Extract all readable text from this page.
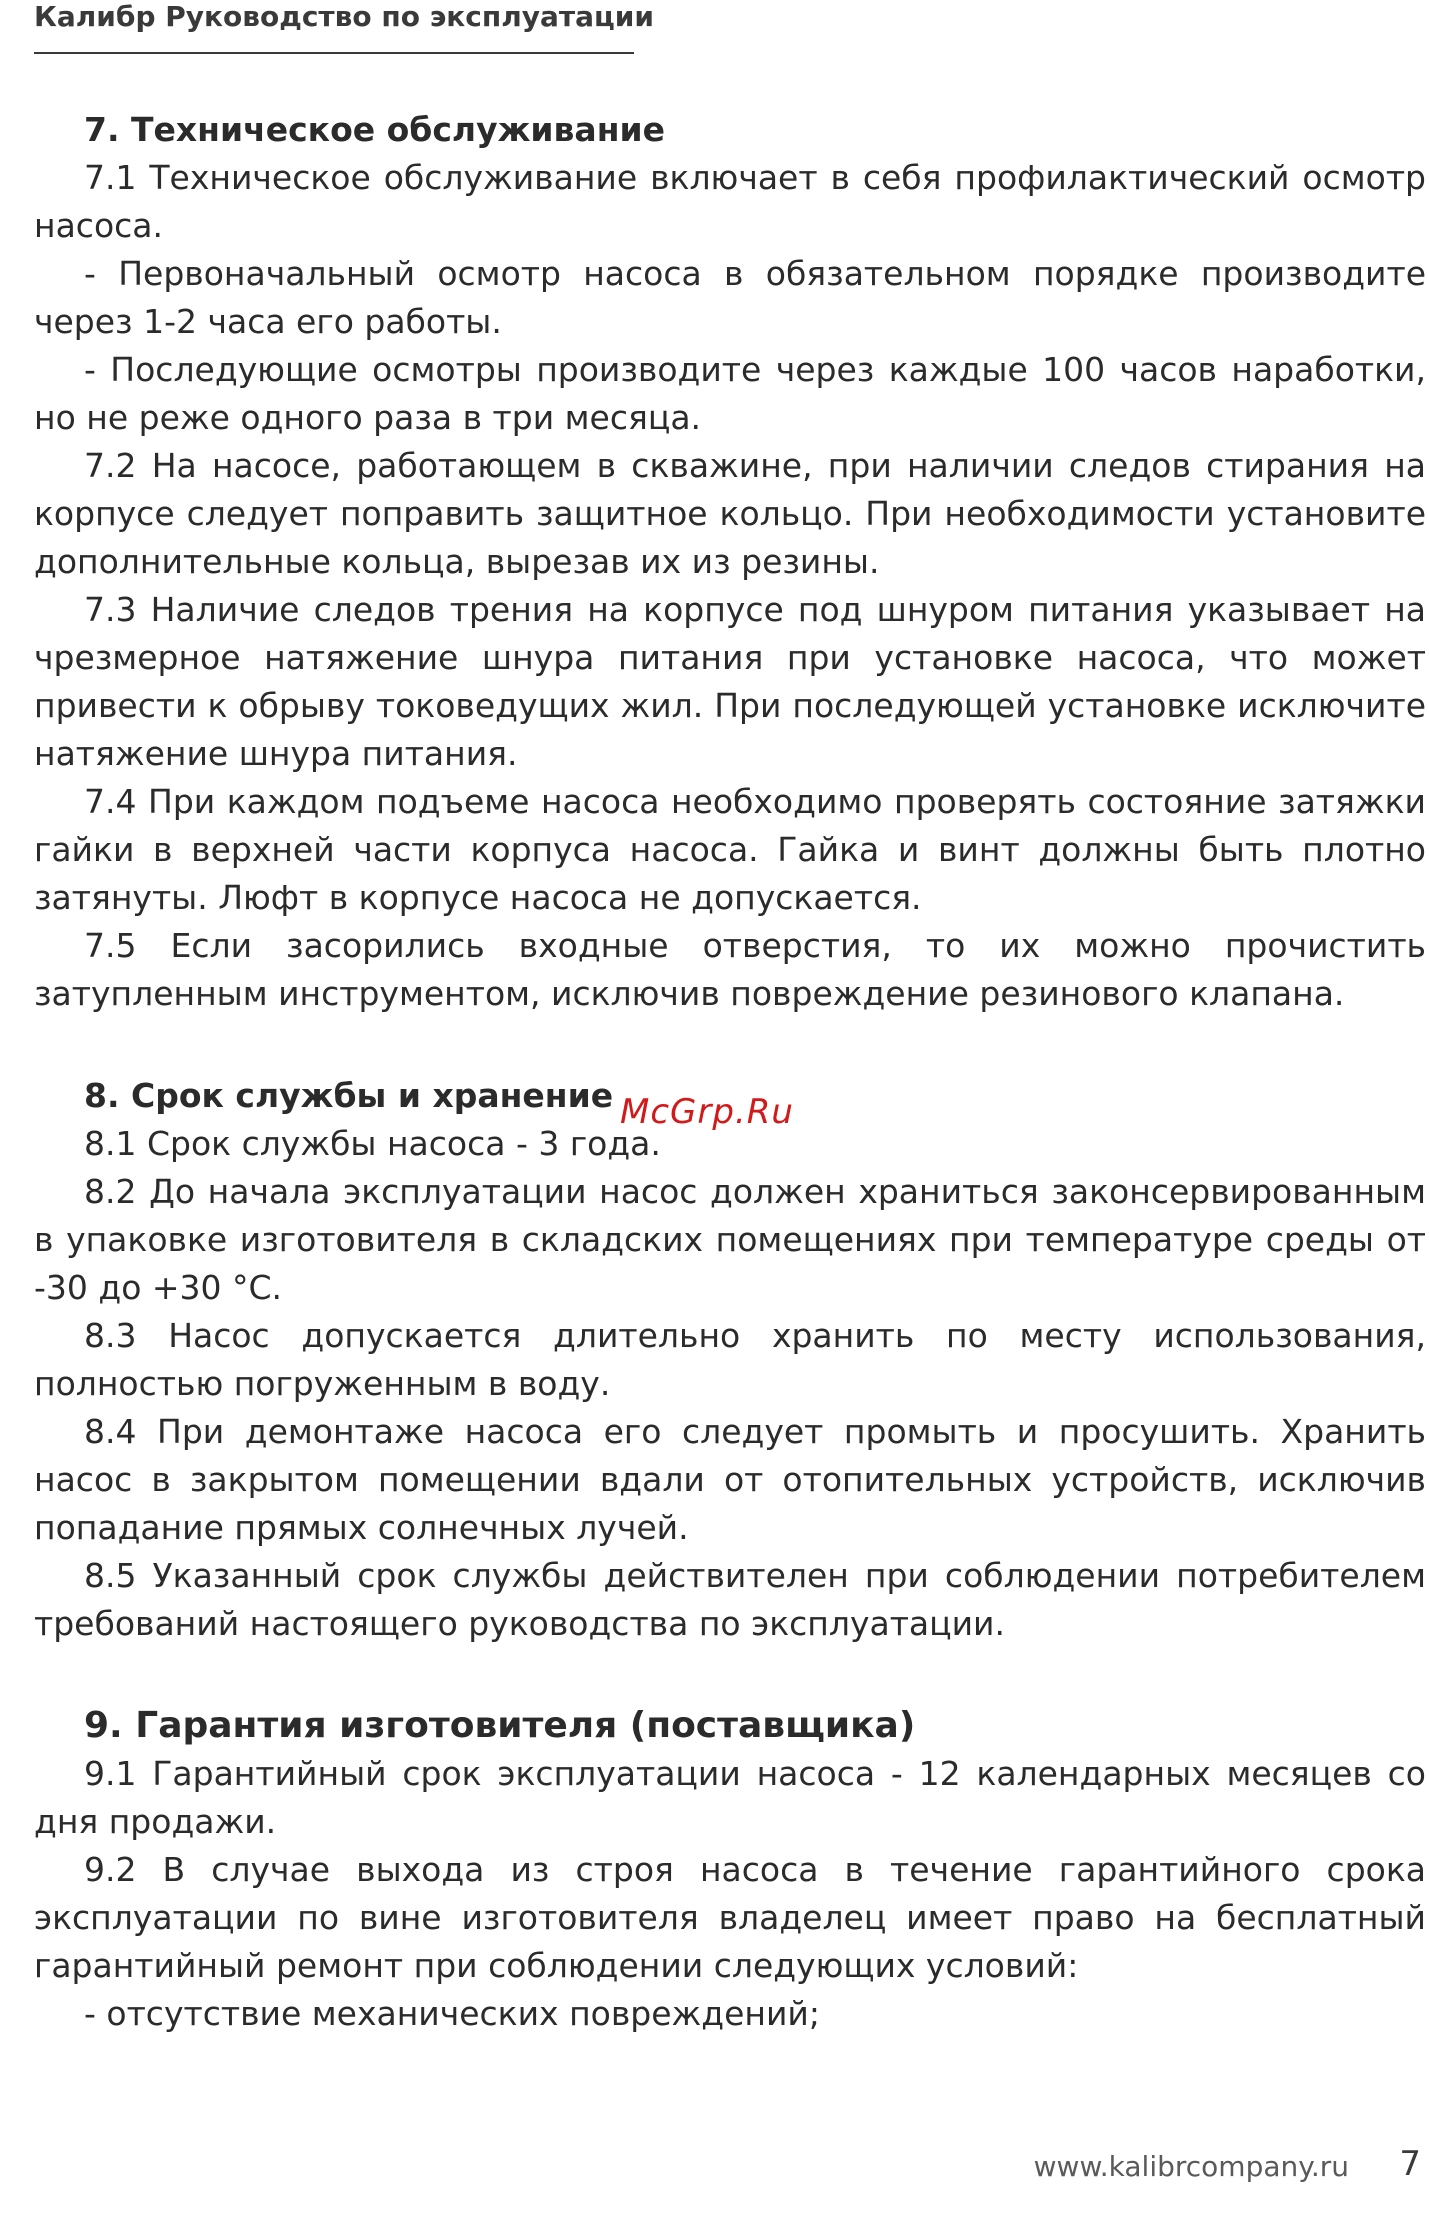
Калибр Руководство по эксплуатации

7. Техническое обслуживание

7.1 Техническое обслуживание включает в себя профилактический осмотр насоса.

- Первоначальный осмотр насоса в обязательном порядке производите через 1-2 часа его работы.

- Последующие осмотры производите через каждые 100 часов наработки, но не реже одного раза в три месяца.

7.2 На насосе, работающем в скважине, при наличии следов стирания на корпусе следует поправить защитное кольцо. При необходимости установите дополнительные кольца, вырезав их из резины.

7.3 Наличие следов трения на корпусе под шнуром питания указывает на чрезмерное натяжение шнура питания при установке насоса, что может привести к обрыву токоведущих жил. При последующей установке исключите натяжение шнура питания.

7.4 При каждом подъеме насоса необходимо проверять состояние затяжки гайки в верхней части корпуса насоса. Гайка и винт должны быть плотно затянуты. Люфт в корпусе насоса не допускается.

7.5 Если засорились входные отверстия, то их можно прочистить затупленным инструментом, исключив повреждение резинового клапана.

8. Срок службы и хранение

8.1 Срок службы насоса - 3 года.

8.2 До начала эксплуатации насос должен храниться законсервированным в упаковке изготовителя в складских помещениях при температуре среды от -30 до +30 °С.

8.3 Насос допускается длительно хранить по месту использования, полностью погруженным в воду.

8.4 При демонтаже насоса его следует промыть и просушить. Хранить насос в закрытом помещении вдали от отопительных устройств, исключив попадание прямых солнечных лучей.

8.5 Указанный срок службы действителен при соблюдении потребителем требований настоящего руководства по эксплуатации.

9. Гарантия изготовителя (поставщика)

9.1 Гарантийный срок эксплуатации насоса - 12 календарных месяцев со дня продажи.

9.2 В случае выхода из строя насоса в течение гарантийного срока эксплуатации по вине изготовителя владелец имеет право на бесплатный гарантийный ремонт при соблюдении следующих условий:

- отсутствие механических повреждений;

McGrp.Ru
www.kalibrcompany.ru 7
